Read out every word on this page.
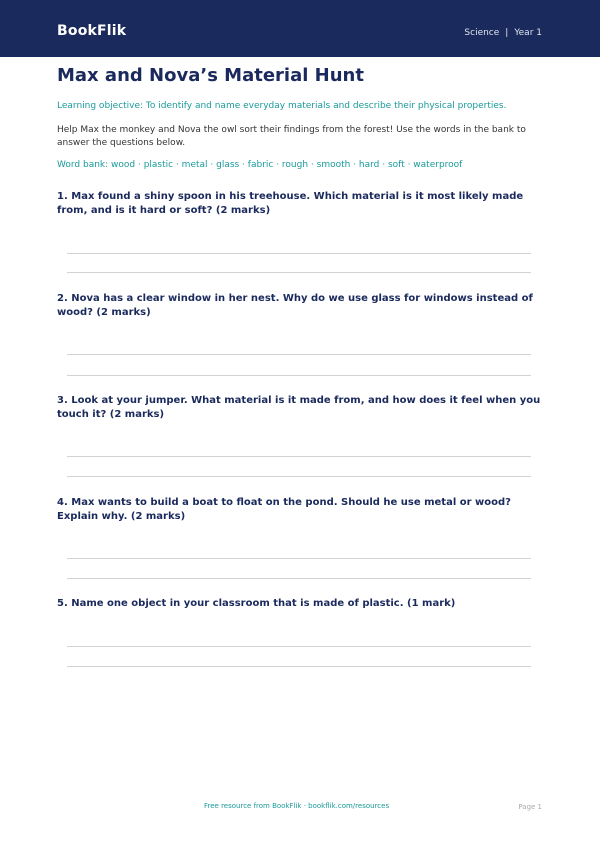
BookFlik	Science | Year 1
Max and Nova’s Material Hunt
Learning objective: To identify and name everyday materials and describe their physical properties.
Help Max the monkey and Nova the owl sort their findings from the forest! Use the words in the bank to answer the questions below.
Word bank: wood · plastic · metal · glass · fabric · rough · smooth · hard · soft · waterproof

1. Max found a shiny spoon in his treehouse. Which material is it most likely made from, and is it hard or soft? (2 marks)

2. Nova has a clear window in her nest. Why do we use glass for windows instead of wood? (2 marks)

3. Look at your jumper. What material is it made from, and how does it feel when you touch it? (2 marks)

4. Max wants to build a boat to float on the pond. Should he use metal or wood? Explain why. (2 marks)

5. Name one object in your classroom that is made of plastic. (1 mark)

Free resource from BookFlik · bookflik.com/resources	Page 1
